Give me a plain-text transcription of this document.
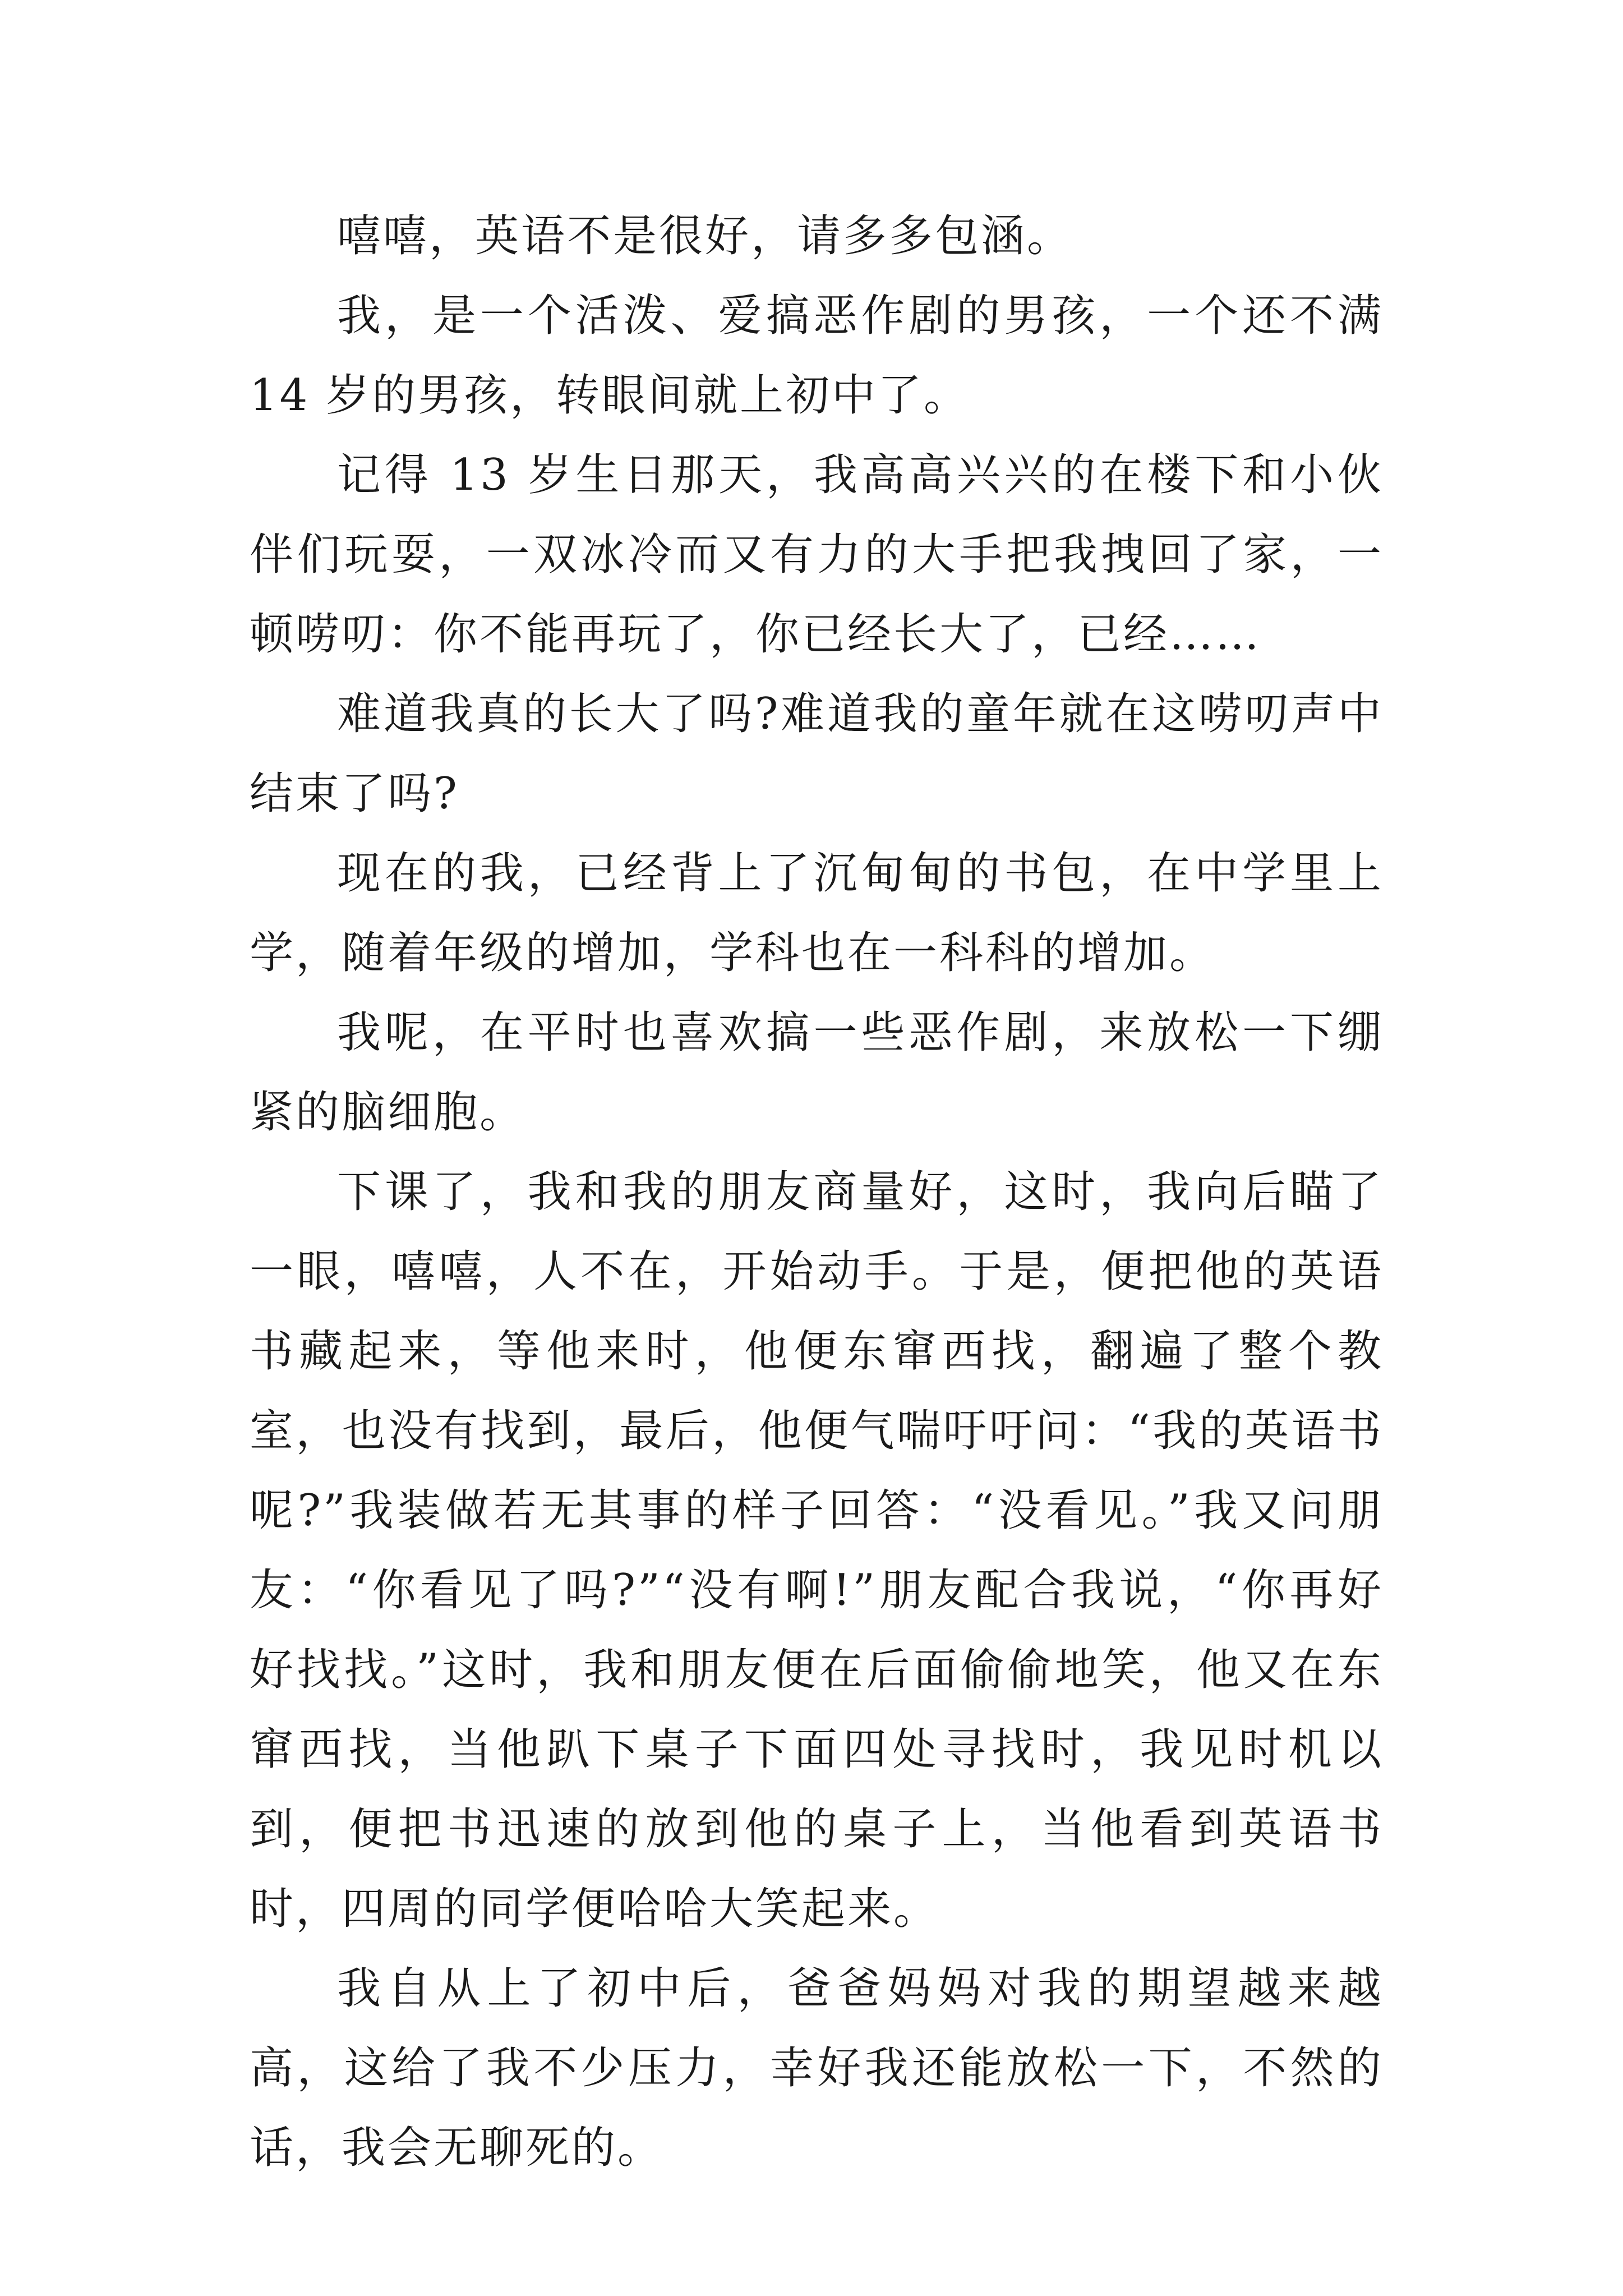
嘻嘻，英语不是很好，请多多包涵。

我，是一个活泼、爱搞恶作剧的男孩，一个还不满 14 岁的男孩，转眼间就上初中了。

记得 13 岁生日那天，我高高兴兴的在楼下和小伙伴们玩耍，一双冰冷而又有力的大手把我拽回了家，一顿唠叨：你不能再玩了，你已经长大了，已经……

难道我真的长大了吗?难道我的童年就在这唠叨声中结束了吗?

现在的我，已经背上了沉甸甸的书包，在中学里上学，随着年级的增加，学科也在一科科的增加。

我呢，在平时也喜欢搞一些恶作剧，来放松一下绷紧的脑细胞。

下课了，我和我的朋友商量好，这时，我向后瞄了一眼，嘻嘻，人不在，开始动手。于是，便把他的英语书藏起来，等他来时，他便东窜西找，翻遍了整个教室，也没有找到，最后，他便气喘吁吁问：“我的英语书呢?”我装做若无其事的样子回答：“没看见。”我又问朋友：“你看见了吗?”“没有啊!”朋友配合我说，“你再好好找找。”这时，我和朋友便在后面偷偷地笑，他又在东窜西找，当他趴下桌子下面四处寻找时，我见时机以到，便把书迅速的放到他的桌子上，当他看到英语书时，四周的同学便哈哈大笑起来。

我自从上了初中后，爸爸妈妈对我的期望越来越高，这给了我不少压力，幸好我还能放松一下，不然的话，我会无聊死的。
